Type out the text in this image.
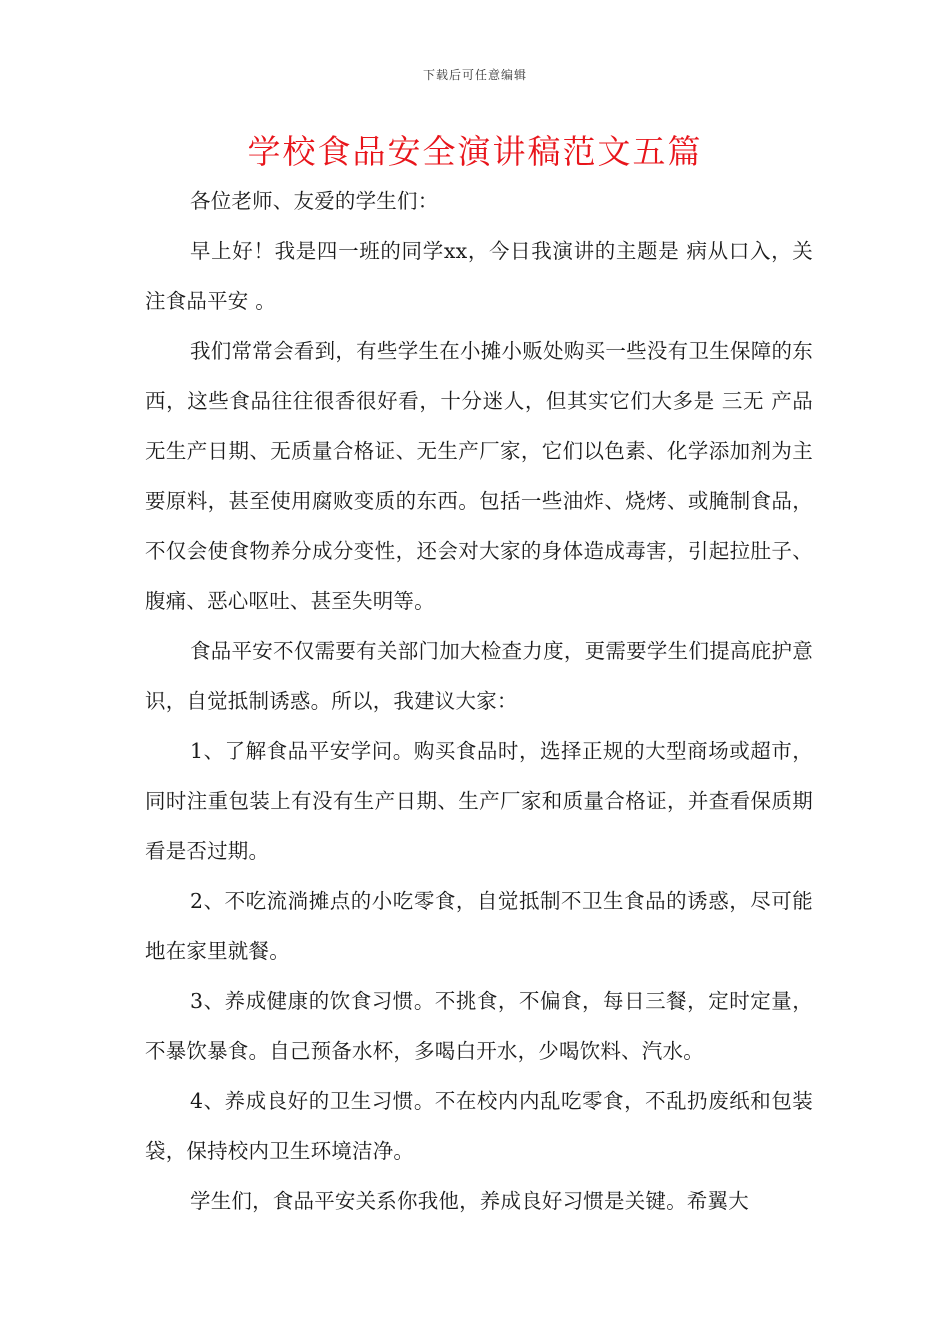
下载后可任意编辑
学校食品安全演讲稿范文五篇

各位老师、友爱的学生们：

早上好！我是四一班的同学xx，今日我演讲的主题是 病从口入，关注食品平安 。

我们常常会看到，有些学生在小摊小贩处购买一些没有卫生保障的东西，这些食品往往很香很好看，十分迷人，但其实它们大多是 三无 产品 无生产日期、无质量合格证、无生产厂家，它们以色素、化学添加剂为主要原料，甚至使用腐败变质的东西。包括一些油炸、烧烤、或腌制食品，不仅会使食物养分成分变性，还会对大家的身体造成毒害，引起拉肚子、腹痛、恶心呕吐、甚至失明等。

食品平安不仅需要有关部门加大检查力度，更需要学生们提高庇护意识，自觉抵制诱惑。所以，我建议大家：

1、了解食品平安学问。购买食品时，选择正规的大型商场或超市，同时注重包装上有没有生产日期、生产厂家和质量合格证，并查看保质期看是否过期。

2、不吃流淌摊点的小吃零食，自觉抵制不卫生食品的诱惑，尽可能地在家里就餐。

3、养成健康的饮食习惯。不挑食，不偏食，每日三餐，定时定量，不暴饮暴食。自己预备水杯，多喝白开水，少喝饮料、汽水。

4、养成良好的卫生习惯。不在校内内乱吃零食，不乱扔废纸和包装袋，保持校内卫生环境洁净。

学生们，食品平安关系你我他，养成良好习惯是关键。希翼大
